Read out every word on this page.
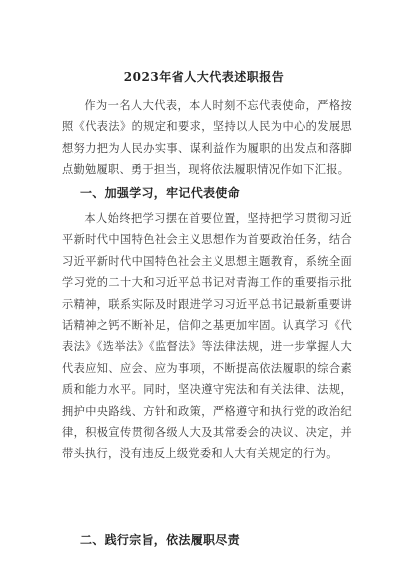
2023年省人大代表述职报告
作为一名人大代表，本人时刻不忘代表使命，严格按照《代表法》的规定和要求，坚持以人民为中心的发展思想努力把为人民办实事、谋利益作为履职的出发点和落脚点勤勉履职、勇于担当，现将依法履职情况作如下汇报。
一、加强学习，牢记代表使命
本人始终把学习摆在首要位置，坚持把学习贯彻习近平新时代中国特色社会主义思想作为首要政治任务，结合习近平新时代中国特色社会主义思想主题教育，系统全面学习党的二十大和习近平总书记对青海工作的重要指示批示精神，联系实际及时跟进学习习近平总书记最新重要讲话精神之钙不断补足，信仰之基更加牢固。认真学习《代表法》《选举法》《监督法》等法律法规，进一步掌握人大代表应知、应会、应为事项，不断提高依法履职的综合素质和能力水平。同时，坚决遵守宪法和有关法律、法规，拥护中央路线、方针和政策，严格遵守和执行党的政治纪律，积极宣传贯彻各级人大及其常委会的决议、决定，并带头执行，没有违反上级党委和人大有关规定的行为。
二、践行宗旨，依法履职尽责
